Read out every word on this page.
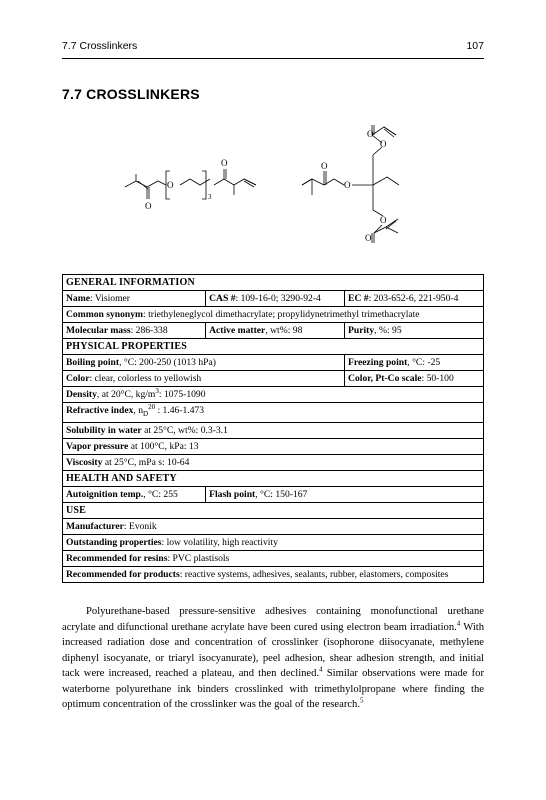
7.7 Crosslinkers	107
7.7 CROSSLINKERS
O
O
O
3
O
O
O
O
O
O
GENERAL INFORMATION		
Name: Visiomer	CAS #: 109-16-0; 3290-92-4	EC #: 203-652-6, 221-950-4
Common synonym: triethyleneglycol dimethacrylate; propylidynetrimethyl trimethacrylate		
Molecular mass: 286-338	Active matter, wt%: 98	Purity, %: 95
PHYSICAL PROPERTIES		
Boiling point, °C: 200-250 (1013 hPa)		Freezing point, °C: -25
Color: clear, colorless to yellowish		Color, Pt-Co scale: 50-100
Density, at 20°C, $kg/m^3$: 1075-1090		
Refractive index, $n_D^{20}$ : 1.46-1.473		
Solubility in water at 25°C, wt%: 0.3-3.1		
Vapor pressure at 100°C, kPa: 13		
Viscosity at 25°C, mPa s: 10-64		
HEALTH AND SAFETY		
Autoignition temp., °C: 255	Flash point, °C: 150-167	
USE		
Manufacturer: Evonik		
Outstanding properties: low volatility, high reactivity		
Recommended for resins: PVC plastisols		
Recommended for products: reactive systems, adhesives, sealants, rubber, elastomers, composites		

Polyurethane-based pressure-sensitive adhesives containing monofunctional urethane acrylate and difunctional urethane acrylate have been cured using electron beam irradiation.$^4$ With increased radiation dose and concentration of crosslinker (isophorone diisocyanate, methylene diphenyl isocyanate, or triaryl isocyanurate), peel adhesion, shear adhesion strength, and initial tack were increased, reached a plateau, and then declined.$^4$ Similar observations were made for waterborne polyurethane ink binders crosslinked with trimethylolpropane where finding the optimum concentration of the crosslinker was the goal of the research.$^5$
